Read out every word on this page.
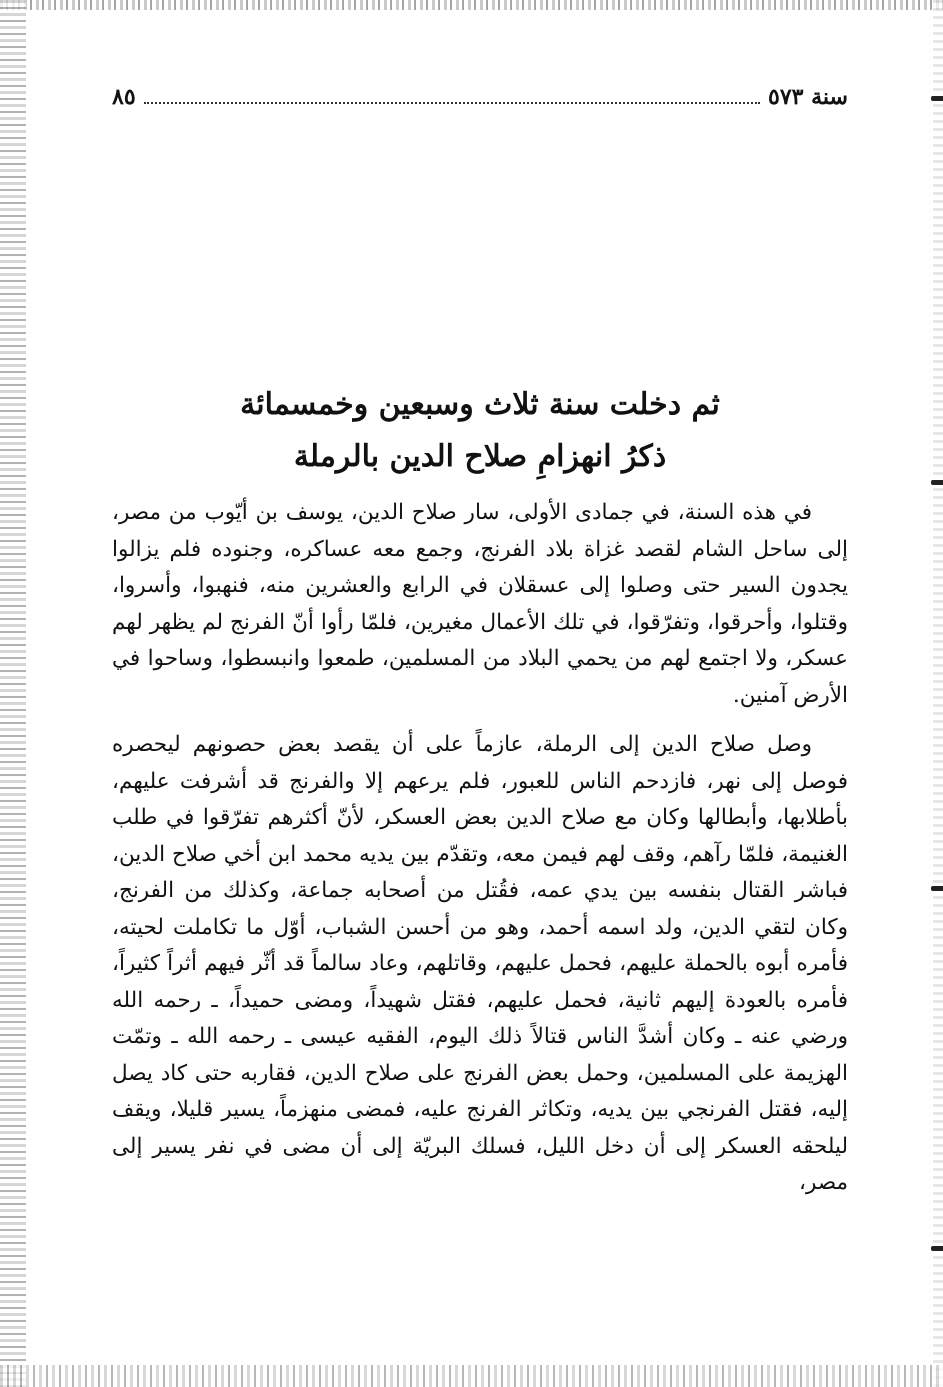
سنة ٥٧٣
٨٥
ثم دخلت سنة ثلاث وسبعين وخمسمائة
ذكرُ انهزامِ صلاح الدين بالرملة

في هذه السنة، في جمادى الأولى، سار صلاح الدين، يوسف بن أيّوب من مصر، إلى ساحل الشام لقصد غزاة بلاد الفرنج، وجمع معه عساكره، وجنوده فلم يزالوا يجدون السير حتى وصلوا إلى عسقلان في الرابع والعشرين منه، فنهبوا، وأسروا، وقتلوا، وأحرقوا، وتفرّقوا، في تلك الأعمال مغيرين، فلمّا رأوا أنّ الفرنج لم يظهر لهم عسكر، ولا اجتمع لهم من يحمي البلاد من المسلمين، طمعوا وانبسطوا، وساحوا في الأرض آمنين.

وصل صلاح الدين إلى الرملة، عازماً على أن يقصد بعض حصونهم ليحصره فوصل إلى نهر، فازدحم الناس للعبور، فلم يرعهم إلا والفرنج قد أشرفت عليهم، بأطلابها، وأبطالها وكان مع صلاح الدين بعض العسكر، لأنّ أكثرهم تفرّقوا في طلب الغنيمة، فلمّا رآهم، وقف لهم فيمن معه، وتقدّم بين يديه محمد ابن أخي صلاح الدين، فباشر القتال بنفسه بين يدي عمه، فقُتل من أصحابه جماعة، وكذلك من الفرنج، وكان لتقي الدين، ولد اسمه أحمد، وهو من أحسن الشباب، أوّل ما تكاملت لحيته، فأمره أبوه بالحملة عليهم، فحمل عليهم، وقاتلهم، وعاد سالماً قد أثّر فيهم أثراً كثيراً، فأمره بالعودة إليهم ثانية، فحمل عليهم، فقتل شهيداً، ومضى حميداً، ـ رحمه الله ورضي عنه ـ وكان أشدَّ الناس قتالاً ذلك اليوم، الفقيه عيسى ـ رحمه الله ـ وتمّت الهزيمة على المسلمين، وحمل بعض الفرنج على صلاح الدين، فقاربه حتى كاد يصل إليه، فقتل الفرنجي بين يديه، وتكاثر الفرنج عليه، فمضى منهزماً، يسير قليلا، ويقف ليلحقه العسكر إلى أن دخل الليل، فسلك البريّة إلى أن مضى في نفر يسير إلى مصر،
